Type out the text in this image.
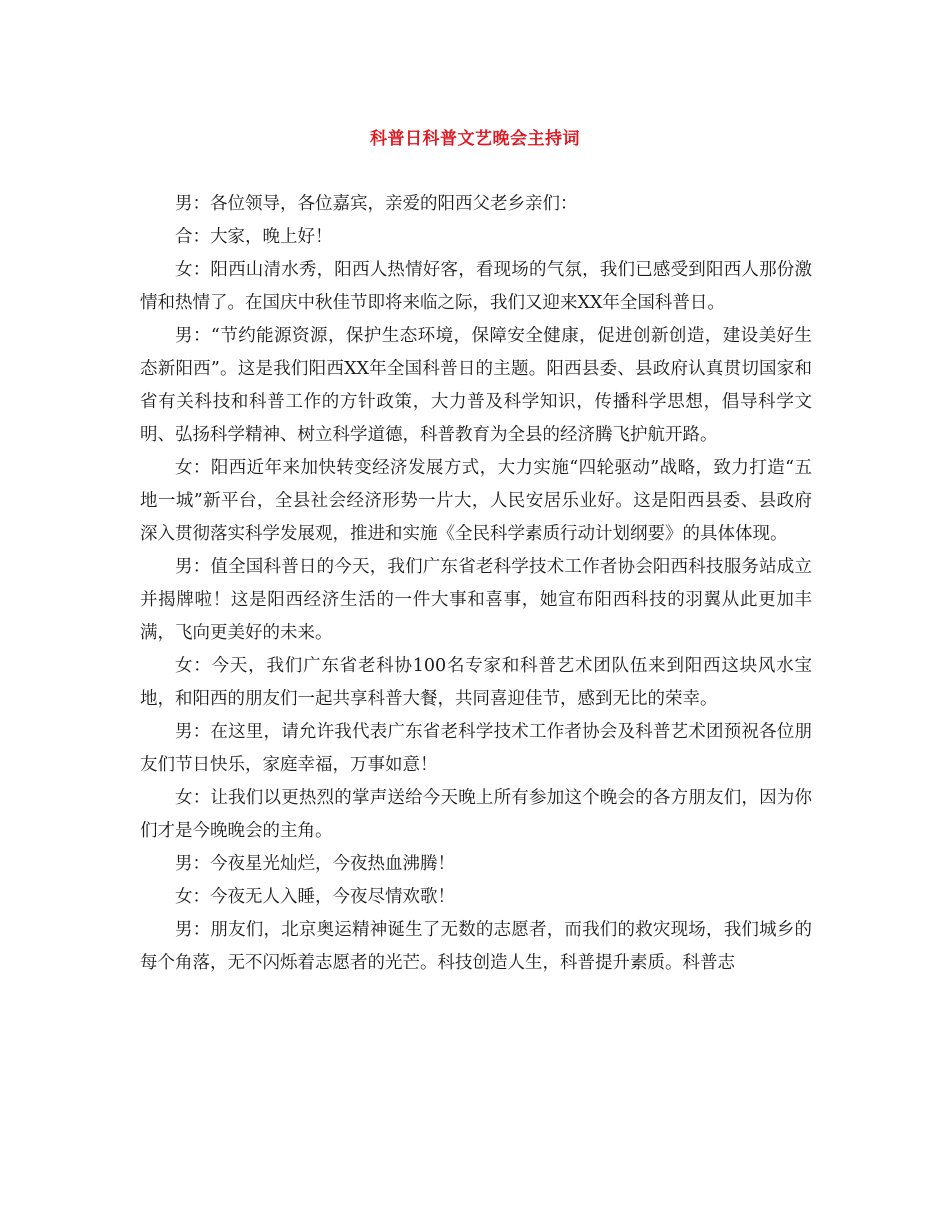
科普日科普文艺晚会主持词

男：各位领导，各位嘉宾，亲爱的阳西父老乡亲们：

合：大家，晚上好！

女：阳西山清水秀，阳西人热情好客，看现场的气氛，我们已感受到阳西人那份激情和热情了。在国庆中秋佳节即将来临之际，我们又迎来XX年全国科普日。

男：“节约能源资源，保护生态环境，保障安全健康，促进创新创造，建设美好生态新阳西”。这是我们阳西XX年全国科普日的主题。阳西县委、县政府认真贯切国家和省有关科技和科普工作的方针政策，大力普及科学知识，传播科学思想，倡导科学文明、弘扬科学精神、树立科学道德，科普教育为全县的经济腾飞护航开路。

女：阳西近年来加快转变经济发展方式，大力实施“四轮驱动”战略，致力打造“五地一城”新平台，全县社会经济形势一片大，人民安居乐业好。这是阳西县委、县政府深入贯彻落实科学发展观，推进和实施《全民科学素质行动计划纲要》的具体体现。

男：值全国科普日的今天，我们广东省老科学技术工作者协会阳西科技服务站成立并揭牌啦！这是阳西经济生活的一件大事和喜事，她宣布阳西科技的羽翼从此更加丰满，飞向更美好的未来。

女：今天，我们广东省老科协100名专家和科普艺术团队伍来到阳西这块风水宝地，和阳西的朋友们一起共享科普大餐，共同喜迎佳节，感到无比的荣幸。

男：在这里，请允许我代表广东省老科学技术工作者协会及科普艺术团预祝各位朋友们节日快乐，家庭幸福，万事如意！

女：让我们以更热烈的掌声送给今天晚上所有参加这个晚会的各方朋友们，因为你们才是今晚晚会的主角。

男：今夜星光灿烂，今夜热血沸腾！

女：今夜无人入睡，今夜尽情欢歌！

男：朋友们，北京奥运精神诞生了无数的志愿者，而我们的救灾现场，我们城乡的每个角落，无不闪烁着志愿者的光芒。科技创造人生，科普提升素质。科普志
